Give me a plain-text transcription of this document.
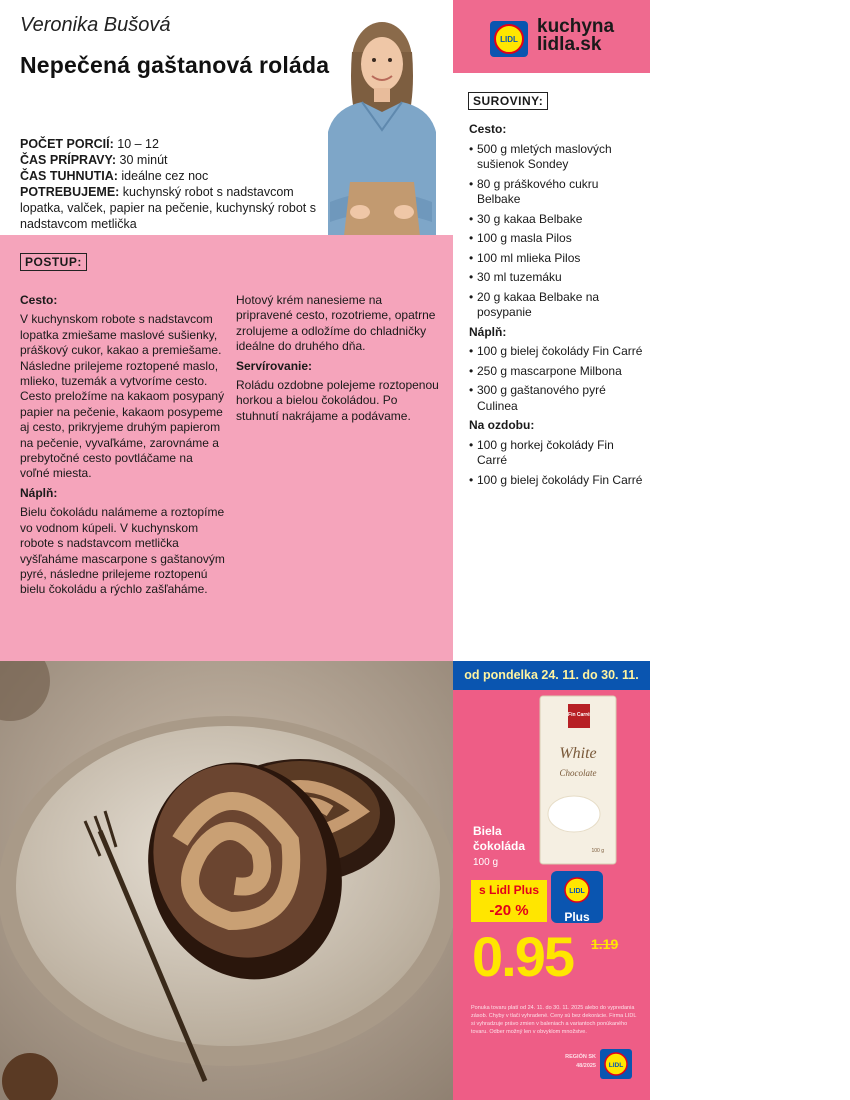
Veronika Bušová
Nepečená gaštanová roláda
POČET PORCIÍ: 10 – 12
ČAS PRÍPRAVY: 30 minút
ČAS TUHNUTIA: ideálne cez noc
POTREBUJEME: kuchynský robot s nadstavcom lopatka, valček, papier na pečenie, kuchynský robot s nadstavcom metlička
LIDL
kuchyna
lidla.sk
SUROVINY:
Cesto:
• 500 g mletých maslových sušienok Sondey
• 80 g práškového cukru Belbake
• 30 g kakaa Belbake
• 100 g masla Pilos
• 100 ml mlieka Pilos
• 30 ml tuzemáku
• 20 g kakaa Belbake na posypanie
Náplň:
• 100 g bielej čokolády Fin Carré
• 250 g mascarpone Milbona
• 300 g gaštanového pyré Culinea
Na ozdobu:
• 100 g horkej čokolády Fin Carré
• 100 g bielej čokolády Fin Carré
POSTUP:
Cesto:

V kuchynskom robote s nadstavcom lopatka zmiešame maslové sušienky, práškový cukor, kakao a premiešame. Následne prilejeme roztopené maslo, mlieko, tuzemák a vytvoríme cesto. Cesto preložíme na kakaom posypaný papier na pečenie, kakaom posypeme aj cesto, prikryjeme druhým papierom na pečenie, vyvaľkáme, zarovnáme a prebytočné cesto povtláčame na voľné miesta.

Náplň:

Bielu čokoládu nalámeme a roztopíme vo vodnom kúpeli. V kuchynskom robote s nadstavcom metlička vyšľaháme mascarpone s gaštanovým pyré, následne prilejeme roztopenú bielu čokoládu a rýchlo zašľaháme.

Hotový krém nanesieme na pripravené cesto, rozotrieme, opatrne zrolujeme a odložíme do chladničky ideálne do druhého dňa.

Servírovanie:

Roládu ozdobne polejeme roztopenou horkou a bielou čokoládou. Po stuhnutí nakrájame a podávame.

od pondelka 24. 11. do 30. 11.
Fin Carré
White
Chocolate
100 g
Biela čokoláda
100 g
s Lidl Plus
-20 %
LIDL
Plus
0.95 1.19
Ponuka tovaru platí od 24. 11. do 30. 11. 2025 alebo do vypredania zásob. Chyby v tlači vyhradené. Ceny sú bez dekorácie. Firma LIDL si vyhradzuje právo zmien v baleniach a variantoch ponúkaného tovaru. Odber možný len v obvyklom množstve.
REGIÓN SK
48/2025 LIDL
